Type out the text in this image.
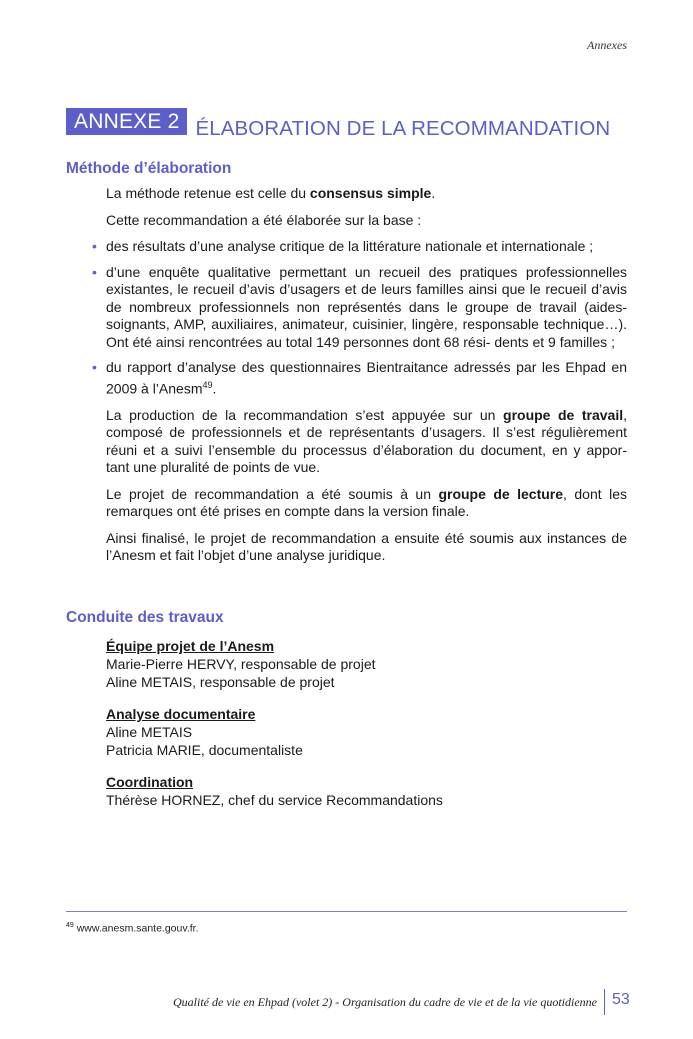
Annexes
ANNEXE 2 ÉLABORATION DE LA RECOMMANDATION
Méthode d’élaboration

La méthode retenue est celle du consensus simple.

Cette recommandation a été élaborée sur la base :

• des résultats d’une analyse critique de la littérature nationale et internationale ;
• d’une enquête qualitative permettant un recueil des pratiques professionnelles existantes, le recueil d’avis d’usagers et de leurs familles ainsi que le recueil d’avis de nombreux professionnels non représentés dans le groupe de travail (aides-soignants, AMP, auxiliaires, animateur, cuisinier, lingère, responsable technique…). Ont été ainsi rencontrées au total 149 personnes dont 68 rési- dents et 9 familles ;
• du rapport d’analyse des questionnaires Bientraitance adressés par les Ehpad en 2009 à l’Anesm$^{49}$.

La production de la recommandation s’est appuyée sur un groupe de travail, composé de professionnels et de représentants d’usagers. Il s’est régulièrement réuni et a suivi l’ensemble du processus d’élaboration du document, en y appor- tant une pluralité de points de vue.

Le projet de recommandation a été soumis à un groupe de lecture, dont les remarques ont été prises en compte dans la version finale.

Ainsi finalisé, le projet de recommandation a ensuite été soumis aux instances de l’Anesm et fait l’objet d’une analyse juridique.

Conduite des travaux
Équipe projet de l’Anesm
Marie-Pierre HERVY, responsable de projet
Aline METAIS, responsable de projet
Analyse documentaire
Aline METAIS
Patricia MARIE, documentaliste
Coordination
Thérèse HORNEZ, chef du service Recommandations
$^{49}$ www.anesm.sante.gouv.fr.
Qualité de vie en Ehpad (volet 2) - Organisation du cadre de vie et de la vie quotidienne 53
